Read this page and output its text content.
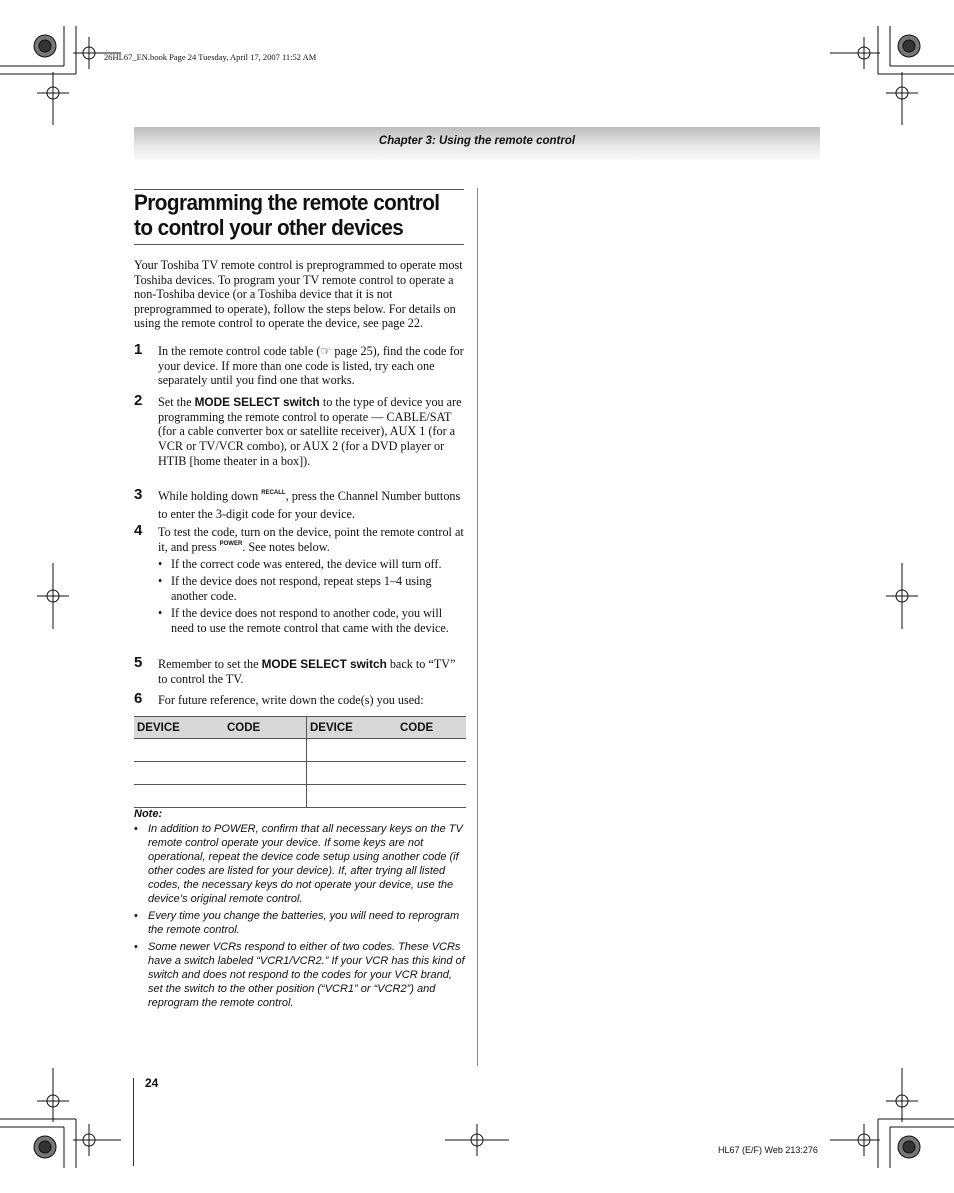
26HL67_EN.book Page 24 Tuesday, April 17, 2007 11:52 AM
Chapter 3: Using the remote control
Programming the remote control
to control your other devices
Your Toshiba TV remote control is preprogrammed to operate most Toshiba devices. To program your TV remote control to operate a non-Toshiba device (or a Toshiba device that it is not preprogrammed to operate), follow the steps below. For details on using the remote control to operate the device, see page 22.
1 In the remote control code table (☞ page 25), find the code for your device. If more than one code is listed, try each one separately until you find one that works.
2 Set the MODE SELECT switch to the type of device you are programming the remote control to operate — CABLE/SAT (for a cable converter box or satellite receiver), AUX 1 (for a VCR or TV/VCR combo), or AUX 2 (for a DVD player or HTIB [home theater in a box]).
3 While holding down $^{RECALL}$, press the Channel Number buttons to enter the 3-digit code for your device.
4 To test the code, turn on the device, point the remote control at it, and press $^{POWER}$. See notes below.
• If the correct code was entered, the device will turn off.
• If the device does not respond, repeat steps 1–4 using another code.
• If the device does not respond to another code, you will need to use the remote control that came with the device.
5 Remember to set the MODE SELECT switch back to “TV” to control the TV.
6 For future reference, write down the code(s) you used:
DEVICE	CODE	DEVICE	CODE

Note:
• In addition to POWER, confirm that all necessary keys on the TV remote control operate your device. If some keys are not operational, repeat the device code setup using another code (if other codes are listed for your device). If, after trying all listed codes, the necessary keys do not operate your device, use the device’s original remote control.
• Every time you change the batteries, you will need to reprogram the remote control.
• Some newer VCRs respond to either of two codes. These VCRs have a switch labeled “VCR1/VCR2.” If your VCR has this kind of switch and does not respond to the codes for your VCR brand, set the switch to the other position (“VCR1” or “VCR2”) and reprogram the remote control.
24
HL67 (E/F) Web 213:276
